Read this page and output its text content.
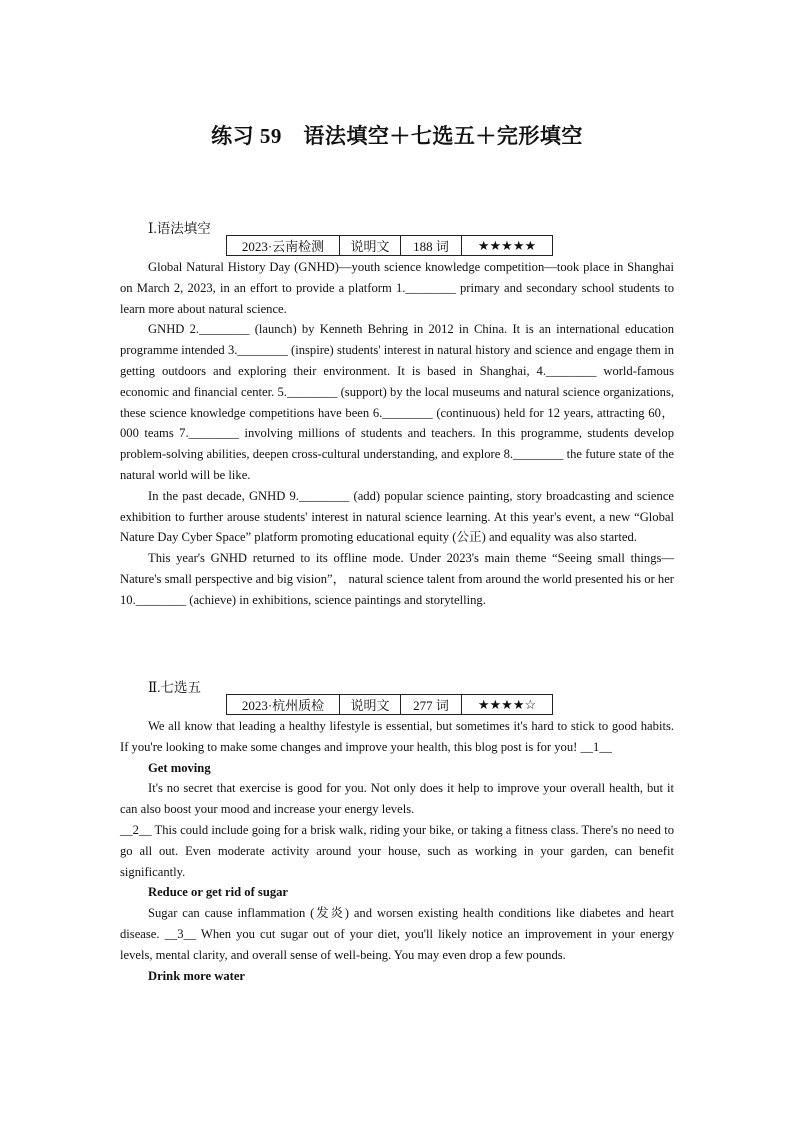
练习 59　语法填空＋七选五＋完形填空
Ⅰ.语法填空
2023·云南检测	说明文	188 词	★★★★★

Global Natural History Day (GNHD)—youth science knowledge competition—took place in Shanghai on March 2, 2023, in an effort to provide a platform 1.________ primary and secondary school students to learn more about natural science.

GNHD 2.________ (launch) by Kenneth Behring in 2012 in China. It is an international education programme intended 3.________ (inspire) students' interest in natural history and science and engage them in getting outdoors and exploring their environment. It is based in Shanghai, 4.________ world-famous economic and financial center. 5.________ (support) by the local museums and natural science organizations, these science knowledge competitions have been 6.________ (continuous) held for 12 years, attracting 60，000 teams 7.________ involving millions of students and teachers. In this programme, students develop problem-solving abilities, deepen cross-cultural understanding, and explore 8.________ the future state of the natural world will be like.

In the past decade, GNHD 9.________ (add) popular science painting, story broadcasting and science exhibition to further arouse students' interest in natural science learning. At this year's event, a new “Global Nature Day Cyber Space” platform promoting educational equity (公正) and equality was also started.

This year's GNHD returned to its offline mode. Under 2023's main theme “Seeing small things—Nature's small perspective and big vision”， natural science talent from around the world presented his or her 10.________ (achieve) in exhibitions, science paintings and storytelling.

Ⅱ.七选五
2023·杭州质检	说明文	277 词	★★★★☆

We all know that leading a healthy lifestyle is essential, but sometimes it's hard to stick to good habits. If you're looking to make some changes and improve your health, this blog post is for you! __1__

Get moving

It's no secret that exercise is good for you. Not only does it help to improve your overall health, but it can also boost your mood and increase your energy levels.

__2__ This could include going for a brisk walk, riding your bike, or taking a fitness class. There's no need to go all out. Even moderate activity around your house, such as working in your garden, can benefit significantly.

Reduce or get rid of sugar

Sugar can cause inflammation (发炎) and worsen existing health conditions like diabetes and heart disease. __3__ When you cut sugar out of your diet, you'll likely notice an improvement in your energy levels, mental clarity, and overall sense of well-being. You may even drop a few pounds.

Drink more water
